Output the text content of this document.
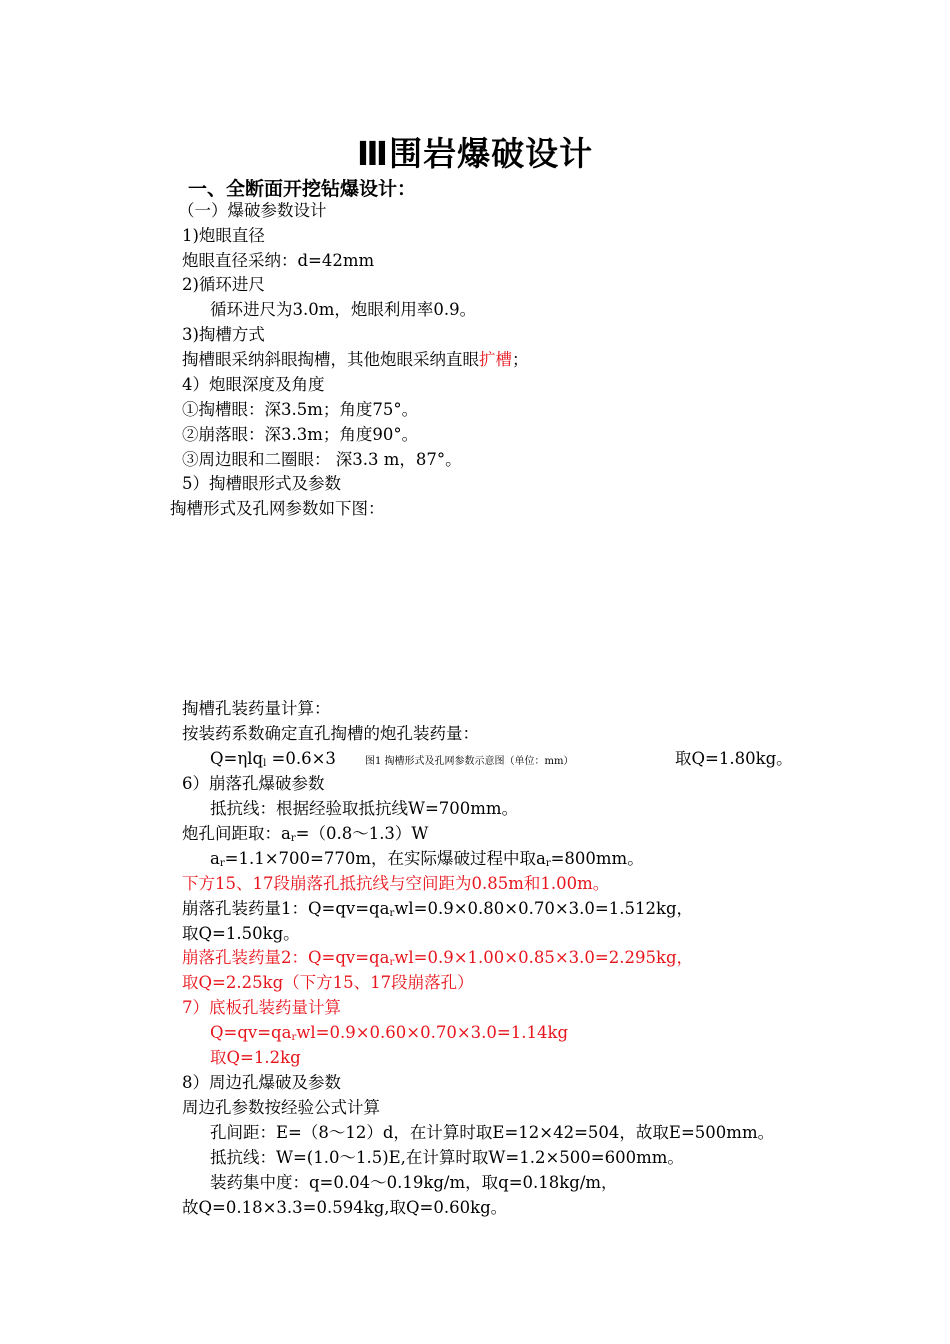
Ⅲ围岩爆破设计
一、全断面开挖钻爆设计：
（一）爆破参数设计
1)炮眼直径
炮眼直径采纳：d=42mm
2)循环进尺
循环进尺为3.0m，炮眼利用率0.9。
3)掏槽方式
掏槽眼采纳斜眼掏槽，其他炮眼采纳直眼扩槽；
4）炮眼深度及角度
①掏槽眼：深3.5m；角度75°。
②崩落眼：深3.3m；角度90°。
③周边眼和二圈眼： 深3.3 m，87°。
5）掏槽眼形式及参数
掏槽形式及孔网参数如下图：
掏槽孔装药量计算：
按装药系数确定直孔掏槽的炮孔装药量：
Q=ηlq$_l$ =0.6×3	图1 掏槽形式及孔网参数示意图（单位：mm）	取Q=1.80kg。
6）崩落孔爆破参数
抵抗线：根据经验取抵抗线W=700mm。
炮孔间距取：$a_r=(0.8\sim 1.3)W$
$a_r=1.1\times 700=770m$，在实际爆破过程中取$a_r=800mm$。
下方15、17段崩落孔抵抗线与空间距为0.85m和1.00m。
崩落孔装药量1：$Q=qv=qa_rwl=0.9\times 0.80\times 0.70\times 3.0=1.512kg$，
取Q=1.50kg。
崩落孔装药量2：$Q=qv=qa_rwl=0.9\times 1.00\times 0.85\times 3.0=2.295kg$，
取Q=2.25kg（下方15、17段崩落孔）
7）底板孔装药量计算
$Q=qv=qa_rwl=0.9\times 0.60\times 0.70\times 3.0=1.14kg$
取Q=1.2kg
8）周边孔爆破及参数
周边孔参数按经验公式计算
孔间距：E=（8～12）d，在计算时取E=12×42=504，故取E=500mm。
抵抗线：W=(1.0～1.5)E,在计算时取W=1.2×500=600mm。
装药集中度：q=0.04～0.19kg/m，取q=0.18kg/m，
故Q=0.18×3.3=0.594kg,取Q=0.60kg。
